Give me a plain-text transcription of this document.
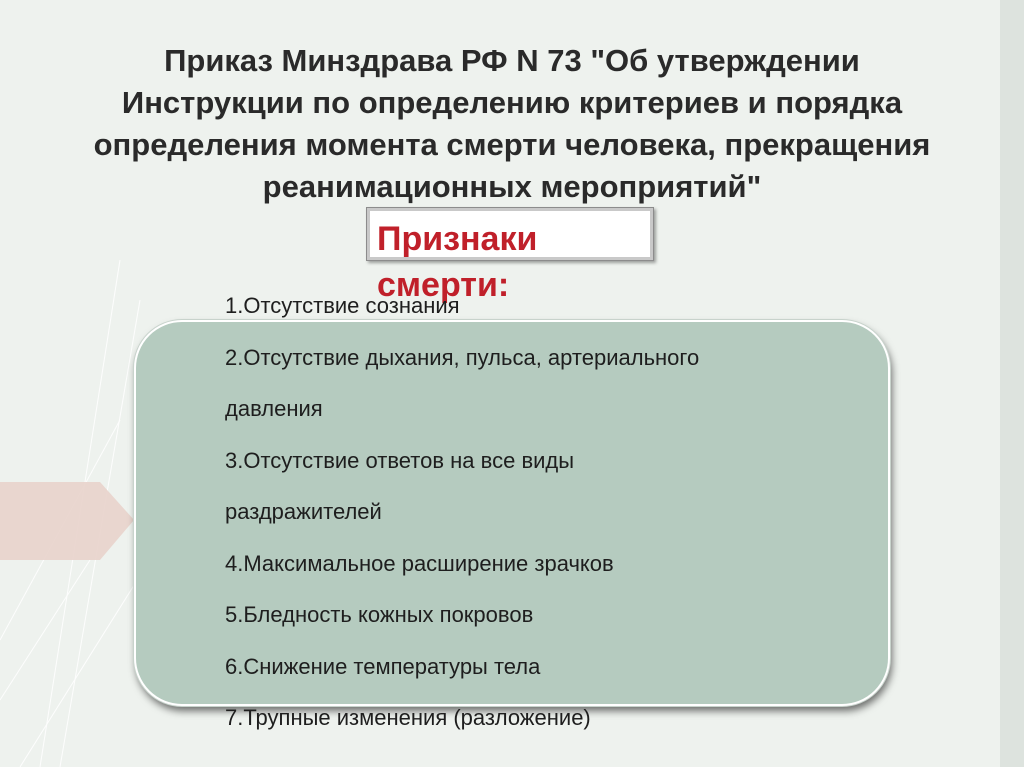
Приказ Минздрава РФ N 73 "Об утверждении Инструкции по определению критериев и порядка определения момента смерти человека, прекращения реанимационных мероприятий"
Признаки смерти:
1.Отсутствие сознания
2.Отсутствие дыхания, пульса, артериального
давления
3.Отсутствие ответов на все виды
раздражителей
4.Максимальное расширение зрачков
5.Бледность кожных покровов
6.Снижение температуры тела
7.Трупные изменения (разложение)
